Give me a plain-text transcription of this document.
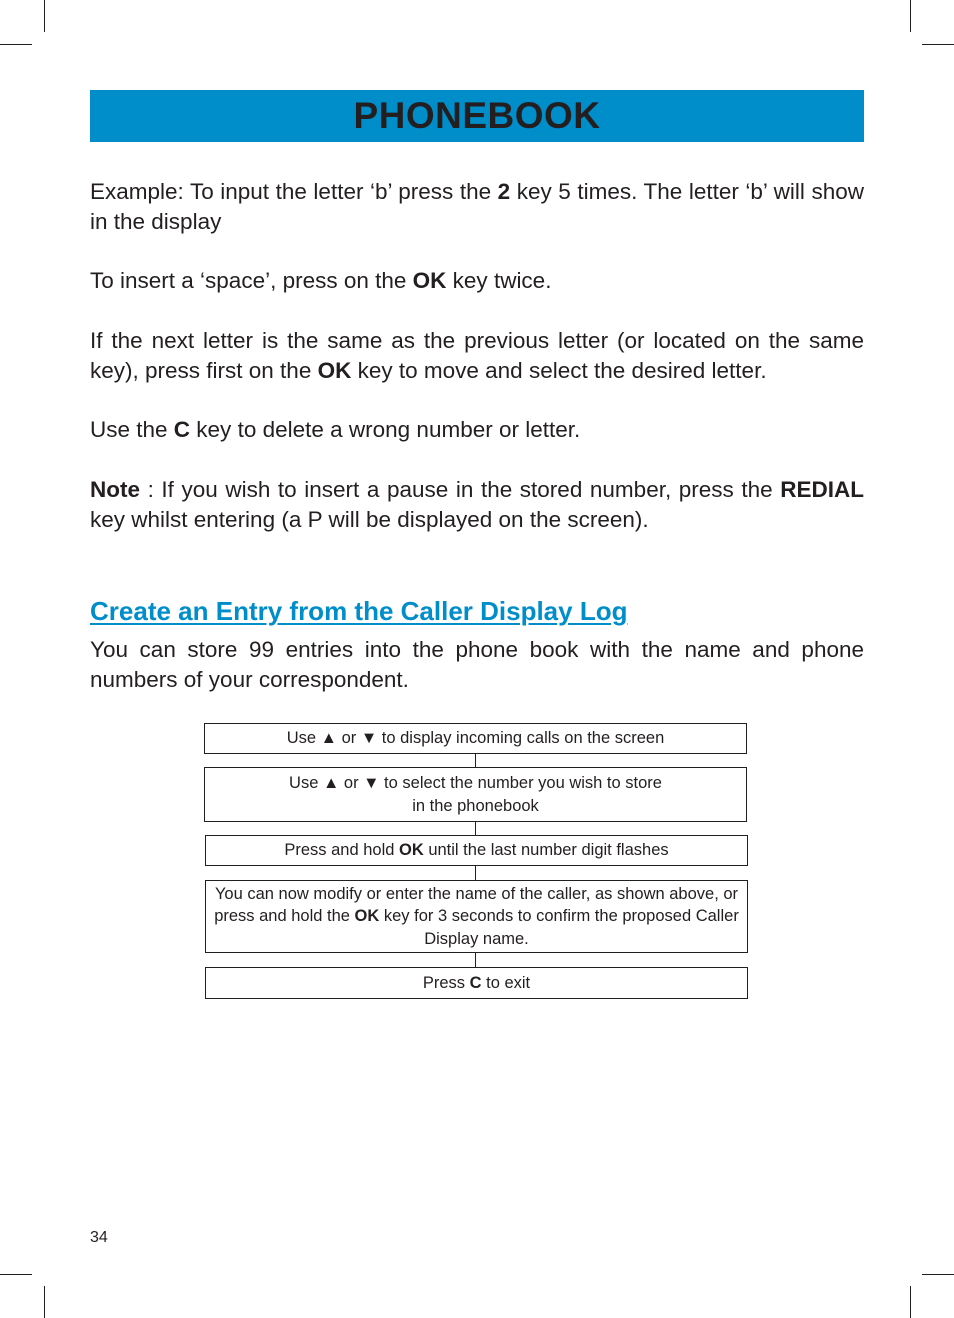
PHONEBOOK

Example: To input the letter ‘b’ press the 2 key 5 times. The letter ‘b’ will show in the display

To insert a ‘space’, press on the OK key twice.

If the next letter is the same as the previous letter (or located on the same key), press first on the OK key to move and select the desired letter.

Use the C key to delete a wrong number or letter.

Note : If you wish to insert a pause in the stored number, press the REDIAL key whilst entering (a P will be displayed on the screen).

Create an Entry from the Caller Display Log

You can store 99 entries into the phone book with the name and phone numbers of your correspondent.

Use ▲ or ▼ to display incoming calls on the screen
Use ▲ or ▼ to select the number you wish to store
in the phonebook
Press and hold OK until the last number digit flashes
You can now modify or enter the name of the caller, as shown above, or press and hold the OK key for 3 seconds to confirm the proposed Caller Display name.
Press C to exit
34
